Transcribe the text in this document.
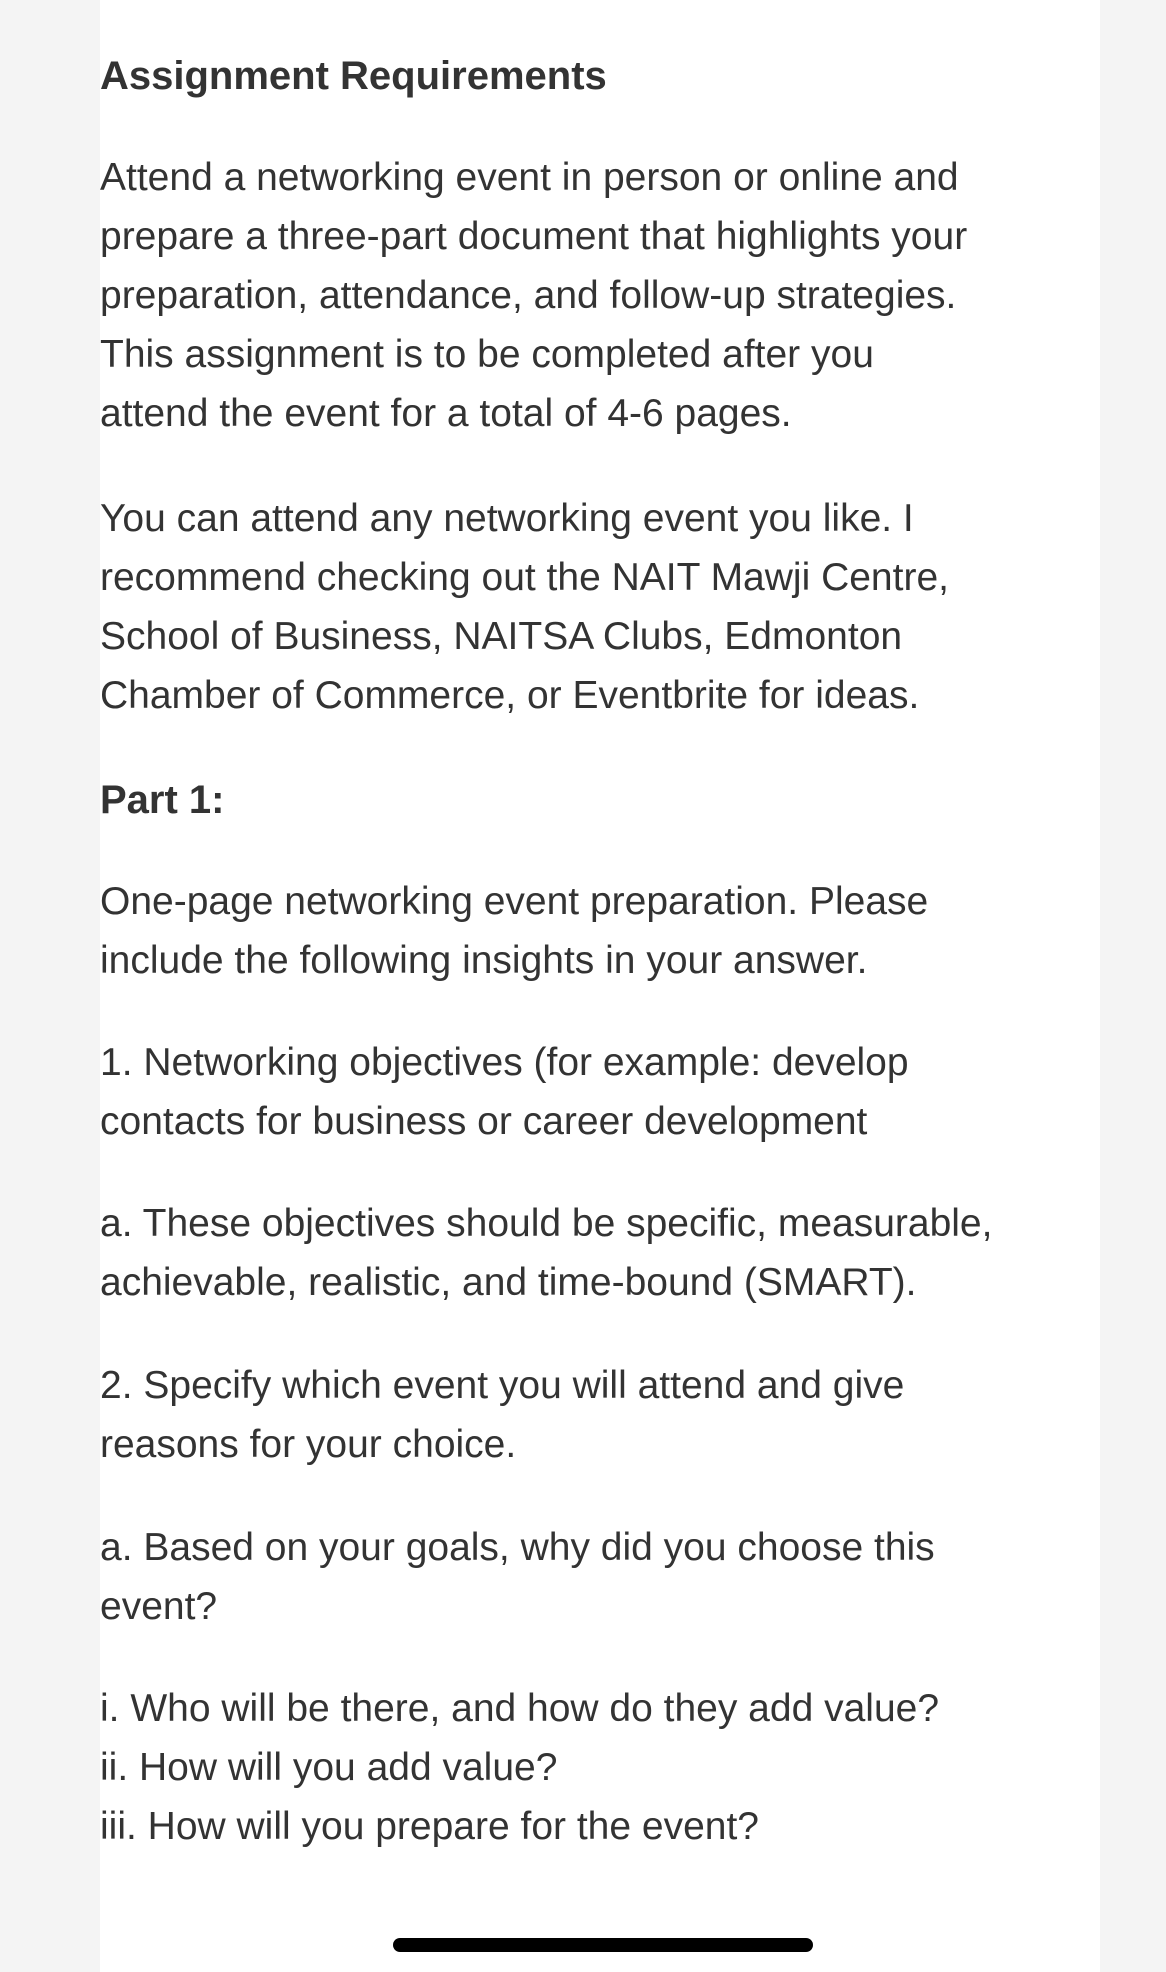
Assignment Requirements

Attend a networking event in person or online and
prepare a three-part document that highlights your
preparation, attendance, and follow-up strategies.
This assignment is to be completed after you
attend the event for a total of 4-6 pages.

You can attend any networking event you like. I
recommend checking out the NAIT Mawji Centre,
School of Business, NAITSA Clubs, Edmonton
Chamber of Commerce, or Eventbrite for ideas.

Part 1:

One-page networking event preparation. Please
include the following insights in your answer.

1. Networking objectives (for example: develop
contacts for business or career development

a. These objectives should be specific, measurable,
achievable, realistic, and time-bound (SMART).

2. Specify which event you will attend and give
reasons for your choice.

a. Based on your goals, why did you choose this
event?

i. Who will be there, and how do they add value?
ii. How will you add value?
iii. How will you prepare for the event?
